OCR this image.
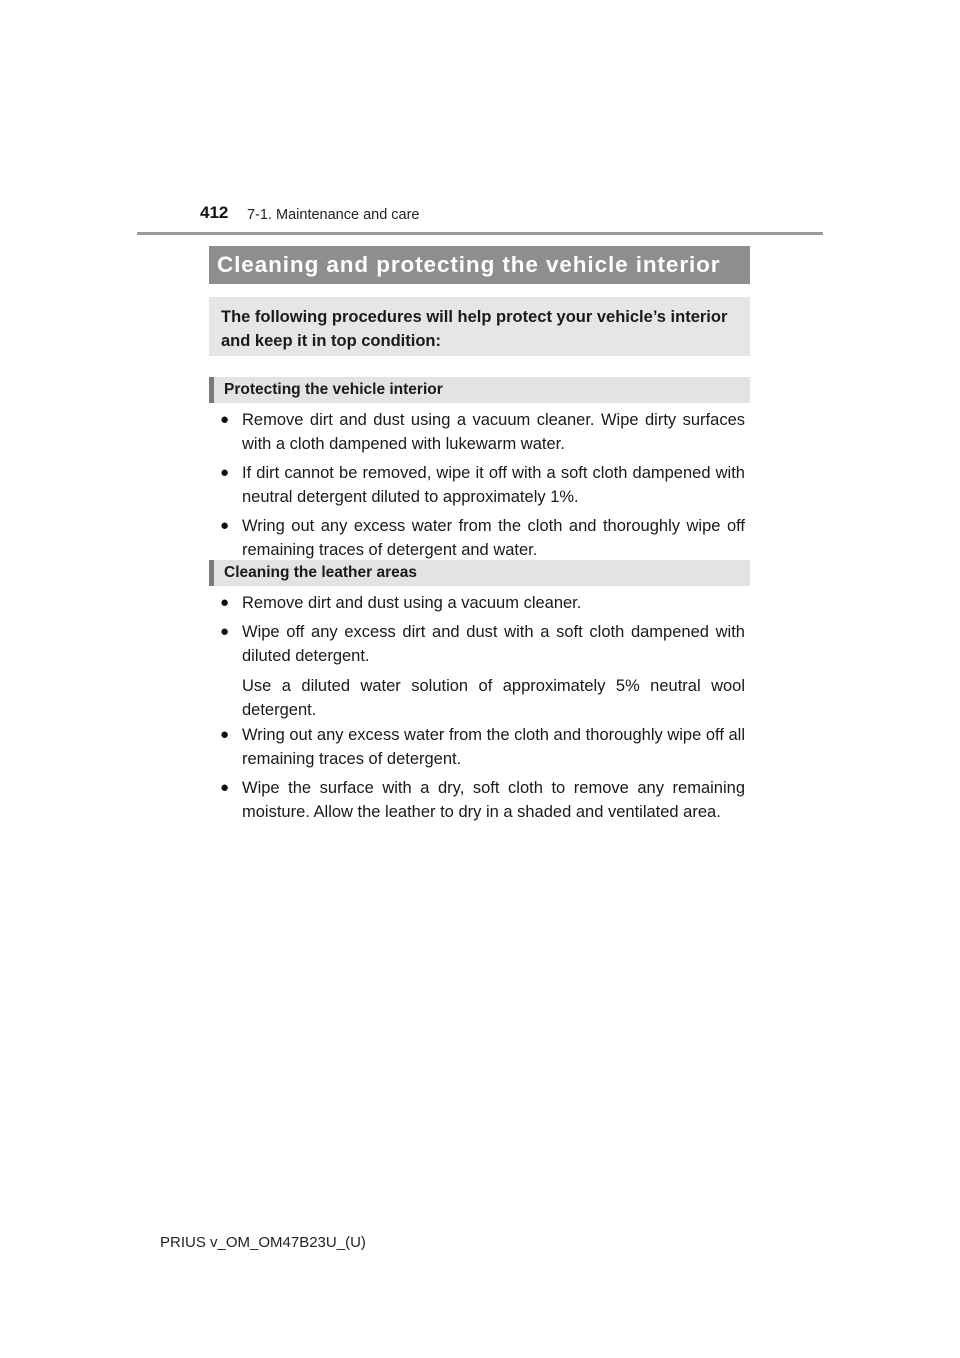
412 7-1. Maintenance and care
Cleaning and protecting the vehicle interior
The following procedures will help protect your vehicle’s interior and keep it in top condition:
Protecting the vehicle interior
● Remove dirt and dust using a vacuum cleaner. Wipe dirty surfaces with a cloth dampened with lukewarm water.
● If dirt cannot be removed, wipe it off with a soft cloth dampened with neutral detergent diluted to approximately 1%.
● Wring out any excess water from the cloth and thoroughly wipe off remaining traces of detergent and water.
Cleaning the leather areas
● Remove dirt and dust using a vacuum cleaner.
● Wipe off any excess dirt and dust with a soft cloth dampened with diluted detergent.
Use a diluted water solution of approximately 5% neutral wool detergent.
● Wring out any excess water from the cloth and thoroughly wipe off all remaining traces of detergent.
● Wipe the surface with a dry, soft cloth to remove any remaining moisture. Allow the leather to dry in a shaded and ventilated area.
PRIUS v_OM_OM47B23U_(U)
